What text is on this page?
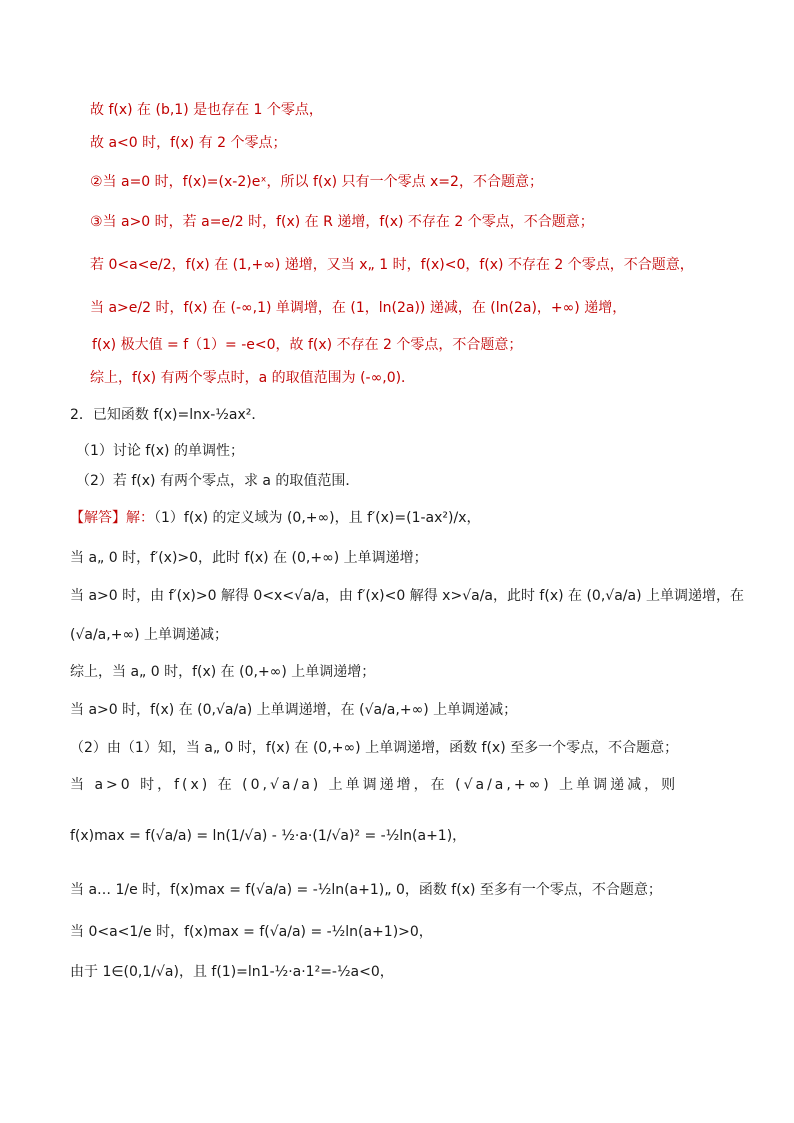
故 f(x) 在 (b,1) 是也存在 1 个零点，
故 a<0 时，f(x) 有 2 个零点；
②当 a=0 时，f(x)=(x-2)eˣ，所以 f(x) 只有一个零点 x=2，不合题意；
③当 a>0 时，若 a=e/2 时，f(x) 在 R 递增，f(x) 不存在 2 个零点，不合题意；
若 0<a<e/2，f(x) 在 (1,+∞) 递增，又当 x„ 1 时，f(x)<0，f(x) 不存在 2 个零点，不合题意，
当 a>e/2 时，f(x) 在 (-∞,1) 单调增，在 (1，ln(2a)) 递减，在 (ln(2a)，+∞) 递增，
f(x) 极大值 = f（1）= -e<0，故 f(x) 不存在 2 个零点，不合题意；
综上，f(x) 有两个零点时，a 的取值范围为 (-∞,0)．
2．已知函数 f(x)=lnx-½ax²．
（1）讨论 f(x) 的单调性；
（2）若 f(x) 有两个零点，求 a 的取值范围．
【解答】解：（1）f(x) 的定义域为 (0,+∞)，且 f′(x)=(1-ax²)/x，
当 a„ 0 时，f′(x)>0，此时 f(x) 在 (0,+∞) 上单调递增；
当 a>0 时，由 f′(x)>0 解得 0<x<√a/a，由 f′(x)<0 解得 x>√a/a，此时 f(x) 在 (0,√a/a) 上单调递增，在
(√a/a,+∞) 上单调递减；
综上，当 a„ 0 时，f(x) 在 (0,+∞) 上单调递增；
当 a>0 时，f(x) 在 (0,√a/a) 上单调递增，在 (√a/a,+∞) 上单调递减；
（2）由（1）知，当 a„ 0 时，f(x) 在 (0,+∞) 上单调递增，函数 f(x) 至多一个零点，不合题意；
当 a>0 时，f(x) 在 (0,√a/a) 上单调递增，在 (√a/a,+∞) 上单调递减，则
f(x)max = f(√a/a) = ln(1/√a) - ½·a·(1/√a)² = -½ln(a+1)，
当 a… 1/e 时，f(x)max = f(√a/a) = -½ln(a+1)„ 0，函数 f(x) 至多有一个零点，不合题意；
当 0<a<1/e 时，f(x)max = f(√a/a) = -½ln(a+1)>0，
由于 1∈(0,1/√a)，且 f(1)=ln1-½·a·1²=-½a<0，
